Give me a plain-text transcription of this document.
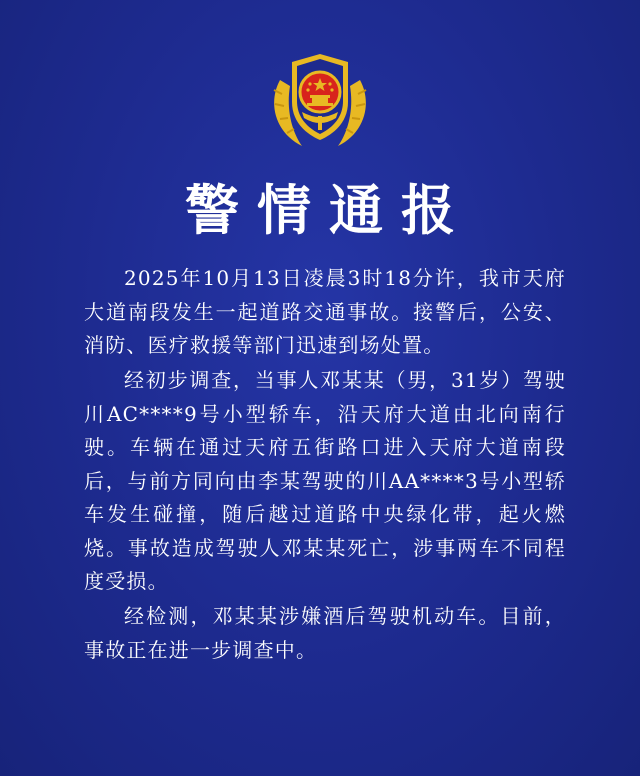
警情通报

2025年10月13日凌晨3时18分许，我市天府大道南段发生一起道路交通事故。接警后，公安、消防、医疗救援等部门迅速到场处置。

经初步调查，当事人邓某某（男，31岁）驾驶川AC****9号小型轿车，沿天府大道由北向南行驶。车辆在通过天府五街路口进入天府大道南段后，与前方同向由李某驾驶的川AA****3号小型轿车发生碰撞，随后越过道路中央绿化带，起火燃烧。事故造成驾驶人邓某某死亡，涉事两车不同程度受损。

经检测，邓某某涉嫌酒后驾驶机动车。目前，事故正在进一步调查中。
